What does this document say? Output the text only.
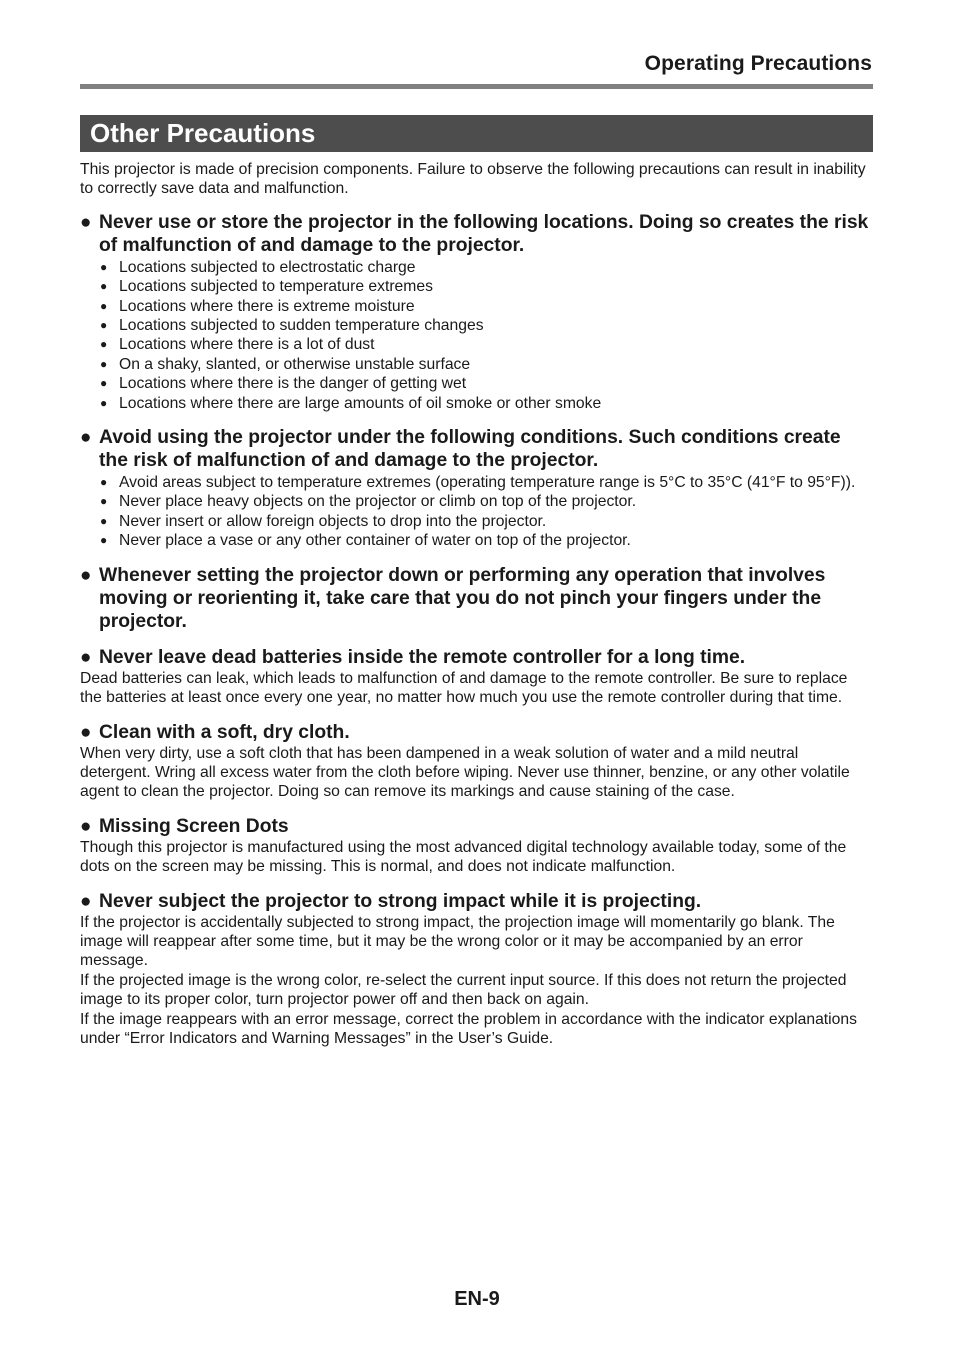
Operating Precautions
Other Precautions

This projector is made of precision components. Failure to observe the following precautions can result in inability to correctly save data and malfunction.

● Never use or store the projector in the following locations. Doing so creates the risk of malfunction of and damage to the projector.
● Locations subjected to electrostatic charge
● Locations subjected to temperature extremes
● Locations where there is extreme moisture
● Locations subjected to sudden temperature changes
● Locations where there is a lot of dust
● On a shaky, slanted, or otherwise unstable surface
● Locations where there is the danger of getting wet
● Locations where there are large amounts of oil smoke or other smoke
● Avoid using the projector under the following conditions. Such conditions create the risk of malfunction of and damage to the projector.
● Avoid areas subject to temperature extremes (operating temperature range is 5°C to 35°C (41°F to 95°F)).
● Never place heavy objects on the projector or climb on top of the projector.
● Never insert or allow foreign objects to drop into the projector.
● Never place a vase or any other container of water on top of the projector.
● Whenever setting the projector down or performing any operation that involves moving or reorienting it, take care that you do not pinch your fingers under the projector.
● Never leave dead batteries inside the remote controller for a long time.

Dead batteries can leak, which leads to malfunction of and damage to the remote controller. Be sure to replace the batteries at least once every one year, no matter how much you use the remote controller during that time.

● Clean with a soft, dry cloth.

When very dirty, use a soft cloth that has been dampened in a weak solution of water and a mild neutral detergent. Wring all excess water from the cloth before wiping. Never use thinner, benzine, or any other volatile agent to clean the projector. Doing so can remove its markings and cause staining of the case.

● Missing Screen Dots

Though this projector is manufactured using the most advanced digital technology available today, some of the dots on the screen may be missing. This is normal, and does not indicate malfunction.

● Never subject the projector to strong impact while it is projecting.

If the projector is accidentally subjected to strong impact, the projection image will momentarily go blank. The image will reappear after some time, but it may be the wrong color or it may be accompanied by an error message.

If the projected image is the wrong color, re-select the current input source. If this does not return the projected image to its proper color, turn projector power off and then back on again.

If the image reappears with an error message, correct the problem in accordance with the indicator explanations under “Error Indicators and Warning Messages” in the User’s Guide.

EN-9
